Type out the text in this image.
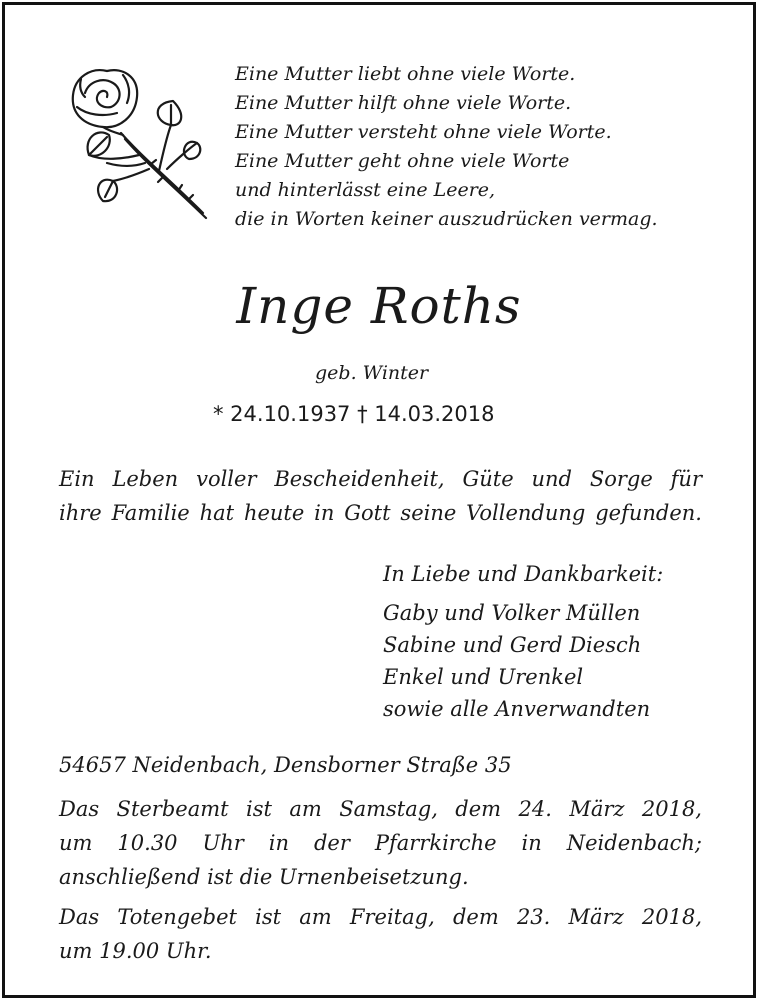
Eine Mutter liebt ohne viele Worte.
Eine Mutter hilft ohne viele Worte.
Eine Mutter versteht ohne viele Worte.
Eine Mutter geht ohne viele Worte
und hinterlässt eine Leere,
die in Worten keiner auszudrücken vermag.
Inge Roths
geb. Winter
* 24.10.1937 † 14.03.2018
Ein Leben voller Bescheidenheit, Güte und Sorge für
ihre Familie hat heute in Gott seine Vollendung gefunden.
In Liebe und Dankbarkeit:
Gaby und Volker Müllen
Sabine und Gerd Diesch
Enkel und Urenkel
sowie alle Anverwandten
54657 Neidenbach, Densborner Straße 35
Das Sterbeamt ist am Samstag, dem 24. März 2018,
um 10.30 Uhr in der Pfarrkirche in Neidenbach;
anschließend ist die Urnenbeisetzung.
Das Totengebet ist am Freitag, dem 23. März 2018,
um 19.00 Uhr.
